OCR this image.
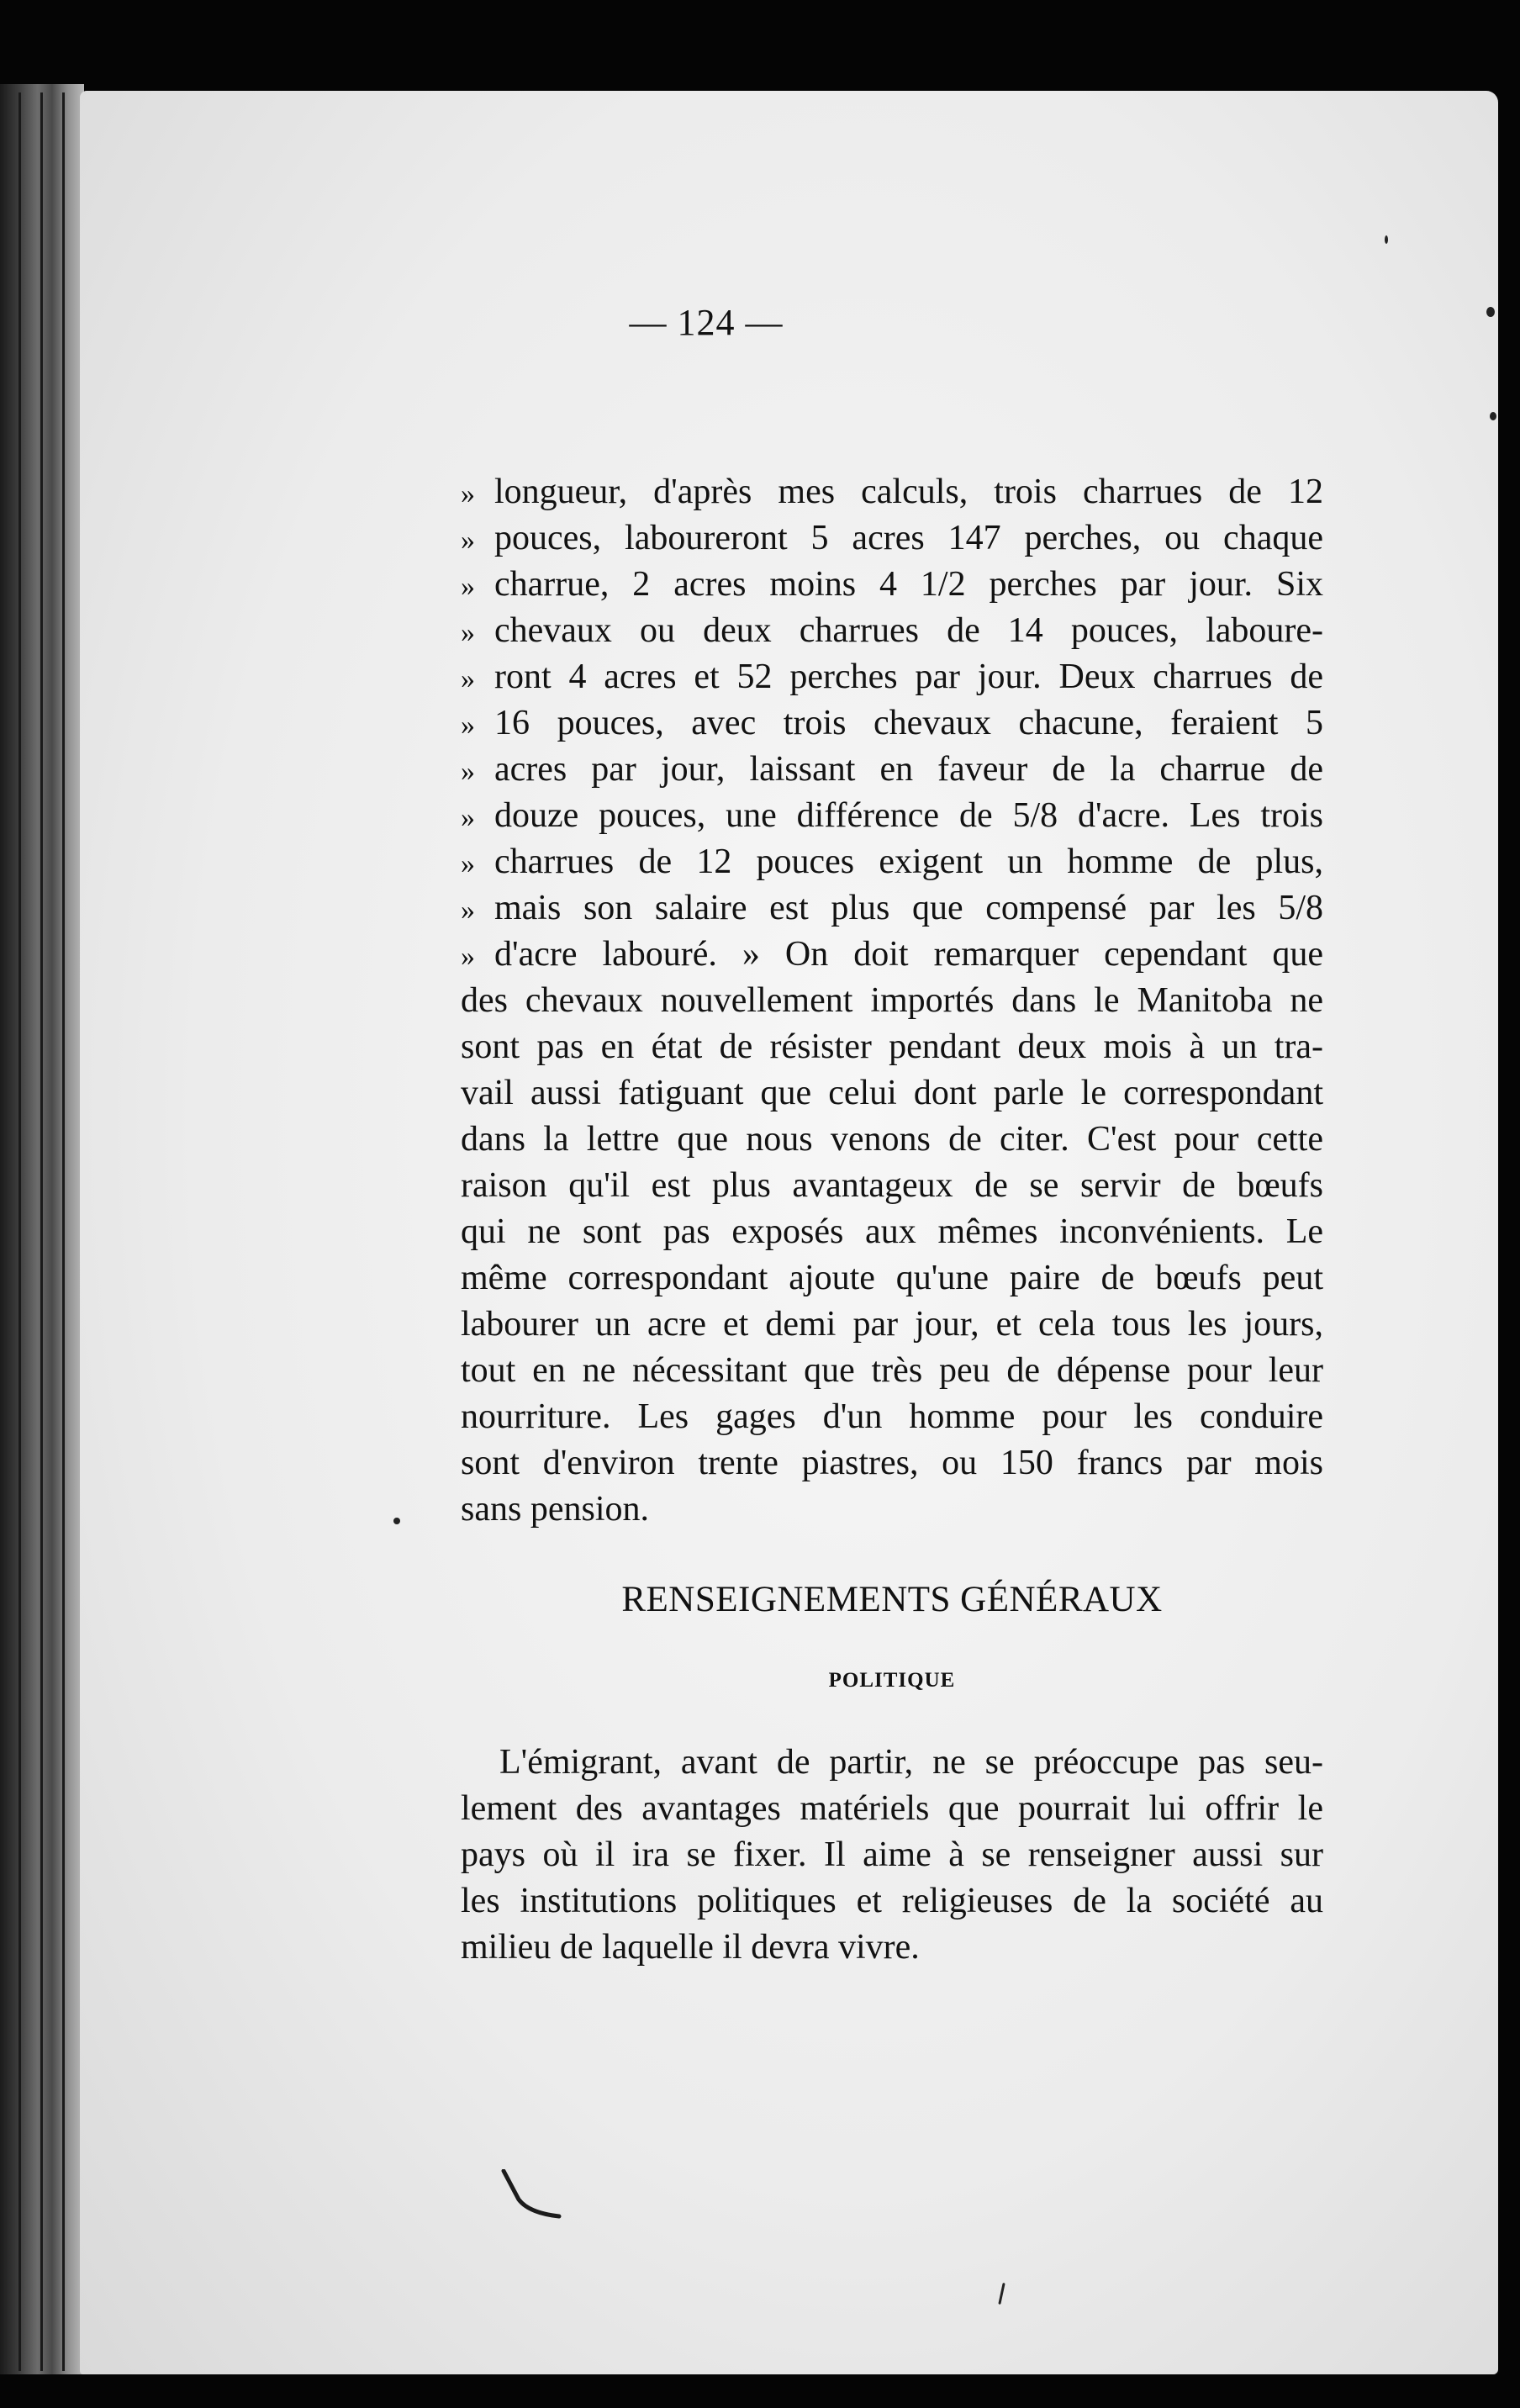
— 124 —
» longueur, d'après mes calculs, trois charrues de 12
» pouces, laboureront 5 acres 147 perches, ou chaque
» charrue, 2 acres moins 4 1/2 perches par jour. Six
» chevaux ou deux charrues de 14 pouces, laboure-
» ront 4 acres et 52 perches par jour. Deux charrues de
» 16 pouces, avec trois chevaux chacune, feraient 5
» acres par jour, laissant en faveur de la charrue de
» douze pouces, une différence de 5/8 d'acre. Les trois
» charrues de 12 pouces exigent un homme de plus,
» mais son salaire est plus que compensé par les 5/8
» d'acre labouré. » On doit remarquer cependant que
des chevaux nouvellement importés dans le Manitoba ne
sont pas en état de résister pendant deux mois à un tra-
vail aussi fatiguant que celui dont parle le correspondant
dans la lettre que nous venons de citer. C'est pour cette
raison qu'il est plus avantageux de se servir de bœufs
qui ne sont pas exposés aux mêmes inconvénients. Le
même correspondant ajoute qu'une paire de bœufs peut
labourer un acre et demi par jour, et cela tous les jours,
tout en ne nécessitant que très peu de dépense pour leur
nourriture. Les gages d'un homme pour les conduire
sont d'environ trente piastres, ou 150 francs par mois
sans pension.
RENSEIGNEMENTS GÉNÉRAUX
POLITIQUE
L'émigrant, avant de partir, ne se préoccupe pas seu-
lement des avantages matériels que pourrait lui offrir le
pays où il ira se fixer. Il aime à se renseigner aussi sur
les institutions politiques et religieuses de la société au
milieu de laquelle il devra vivre.
